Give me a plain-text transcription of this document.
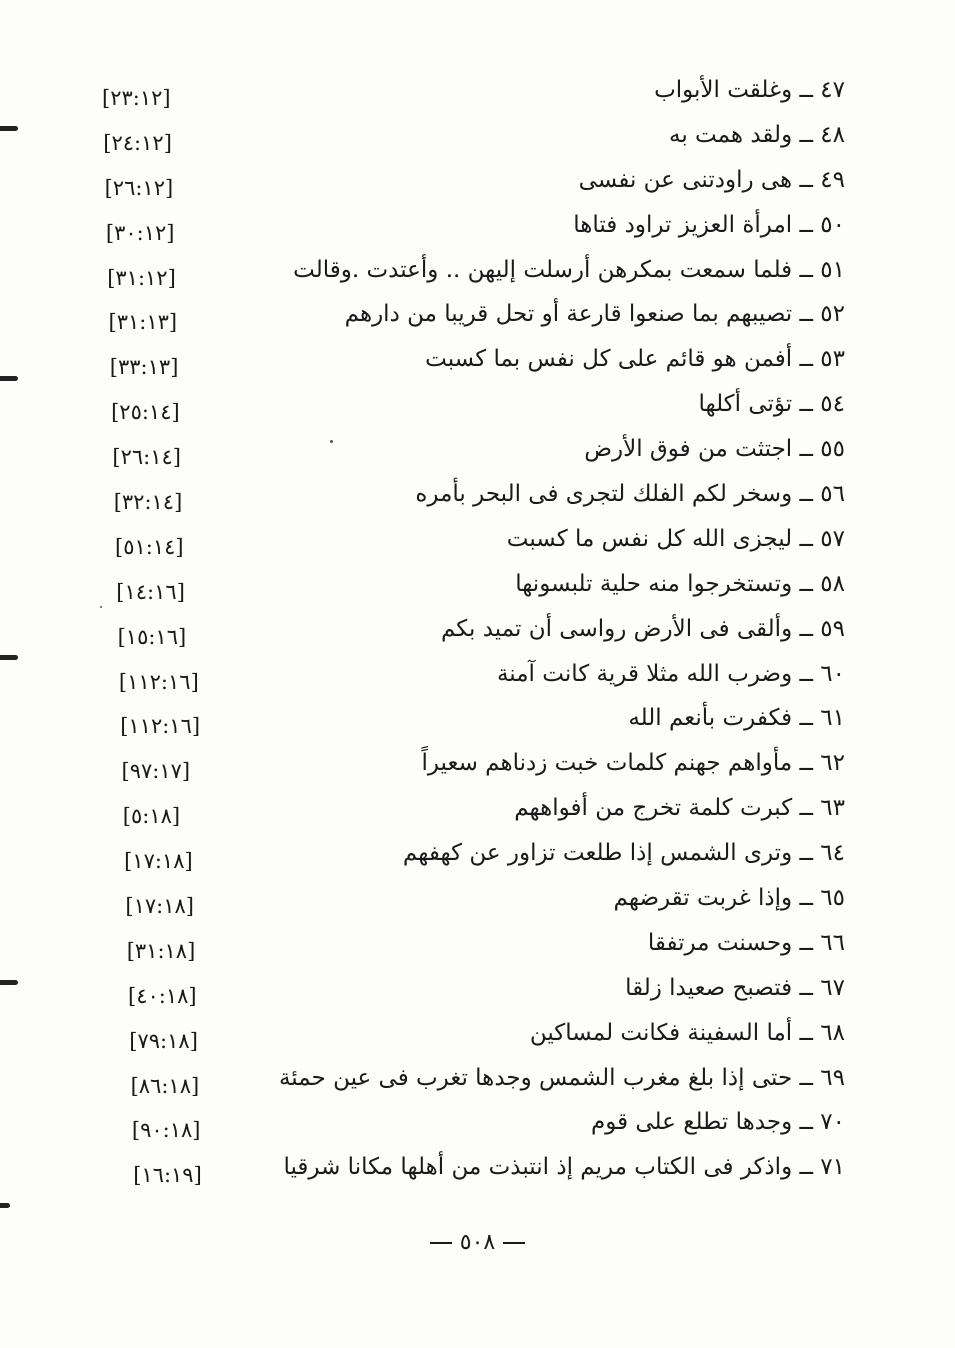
٤٧ ــ وغلقت الأبواب
[٢٣:١٢]
٤٨ ــ ولقد همت به
[٢٤:١٢]
٤٩ ــ هى راودتنى عن نفسى
[٢٦:١٢]
٥٠ ــ امرأة العزيز تراود فتاها
[٣٠:١٢]
٥١ ــ فلما سمعت بمكرهن أرسلت إليهن .. وأعتدت .وقالت
[٣١:١٢]
٥٢ ــ تصيبهم بما صنعوا قارعة أو تحل قريبا من دارهم
[٣١:١٣]
٥٣ ــ أفمن هو قائم على كل نفس بما كسبت
[٣٣:١٣]
٥٤ ــ تؤتى أكلها
[٢٥:١٤]
٥٥ ــ اجتثت من فوق الأرض
[٢٦:١٤]
٥٦ ــ وسخر لكم الفلك لتجرى فى البحر بأمره
[٣٢:١٤]
٥٧ ــ ليجزى الله كل نفس ما كسبت
[٥١:١٤]
٥٨ ــ وتستخرجوا منه حلية تلبسونها
[١٤:١٦]
٥٩ ــ وألقى فى الأرض رواسى أن تميد بكم
[١٥:١٦]
٦٠ ــ وضرب الله مثلا قرية كانت آمنة
[١١٢:١٦]
٦١ ــ فكفرت بأنعم الله
[١١٢:١٦]
٦٢ ــ مأواهم جهنم كلمات خبت زدناهم سعيراً
[٩٧:١٧]
٦٣ ــ كبرت كلمة تخرج من أفواههم
[٥:١٨]
٦٤ ــ وترى الشمس إذا طلعت تزاور عن كهفهم
[١٧:١٨]
٦٥ ــ وإذا غربت تقرضهم
[١٧:١٨]
٦٦ ــ وحسنت مرتفقا
[٣١:١٨]
٦٧ ــ فتصبح صعيدا زلقا
[٤٠:١٨]
٦٨ ــ أما السفينة فكانت لمساكين
[٧٩:١٨]
٦٩ ــ حتى إذا بلغ مغرب الشمس وجدها تغرب فى عين حمئة
[٨٦:١٨]
٧٠ ــ وجدها تطلع على قوم
[٩٠:١٨]
٧١ ــ واذكر فى الكتاب مريم إذ انتبذت من أهلها مكانا شرقيا
[١٦:١٩]
٥٠٨
